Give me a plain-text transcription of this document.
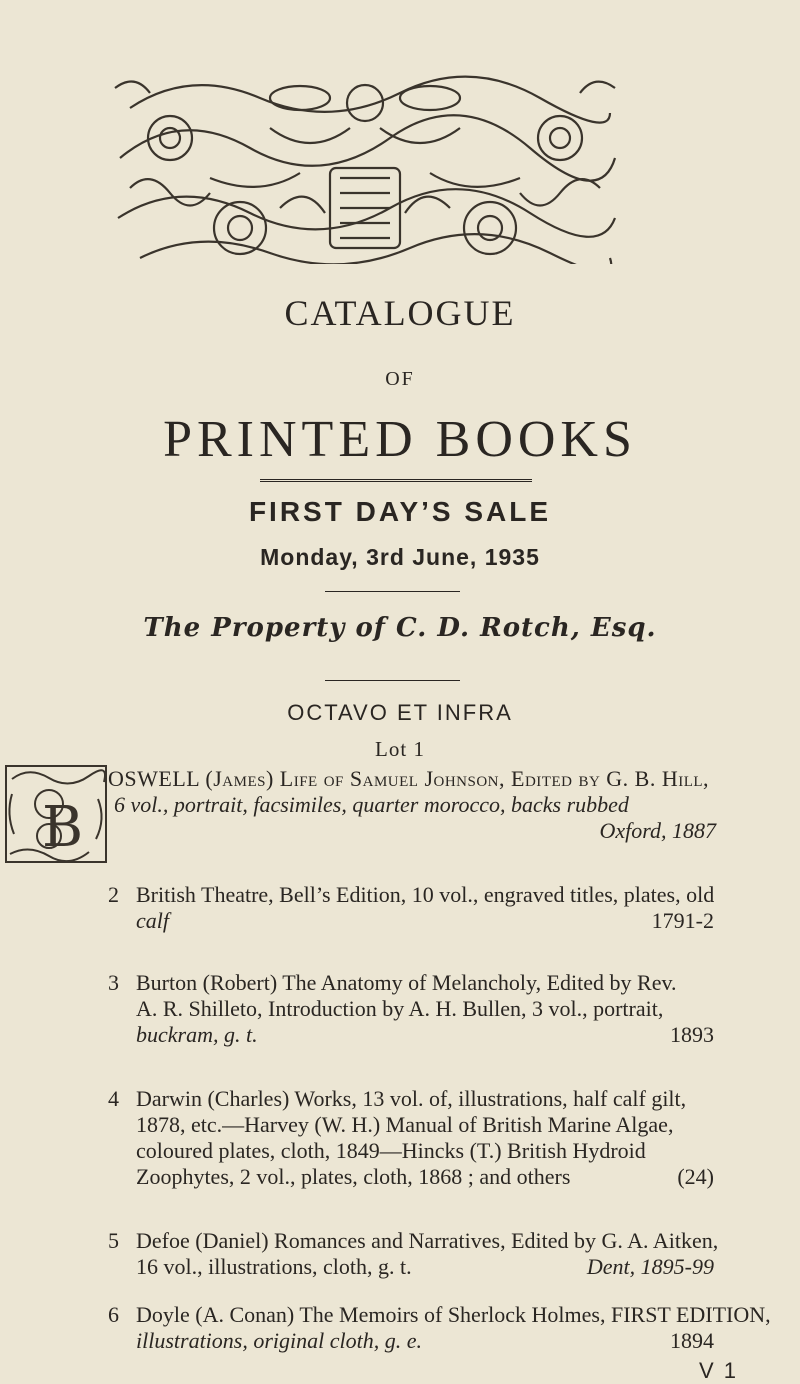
CATALOGUE
OF
PRINTED BOOKS
FIRST DAY’S SALE
Monday, 3rd June, 1935
The Property of C. D. Rotch, Esq.
OCTAVO ET INFRA
Lot 1
B
OSWELL (James) Life of Samuel Johnson, Edited by G. B. Hill,
6 vol., portrait, facsimiles, quarter morocco, backs rubbed
Oxford, 1887
2 British Theatre, Bell’s Edition, 10 vol., engraved titles, plates, old
calf	1791-2
3 Burton (Robert) The Anatomy of Melancholy, Edited by Rev.
A. R. Shilleto, Introduction by A. H. Bullen, 3 vol., portrait,
buckram, g. t.	1893
4 Darwin (Charles) Works, 13 vol. of, illustrations, half calf gilt,
1878, etc.—Harvey (W. H.) Manual of British Marine Algae,
coloured plates, cloth, 1849—Hincks (T.) British Hydroid
Zoophytes, 2 vol., plates, cloth, 1868 ; and others	(24)
5 Defoe (Daniel) Romances and Narratives, Edited by G. A. Aitken,
16 vol., illustrations, cloth, g. t.	Dent, 1895-99
6 Doyle (A. Conan) The Memoirs of Sherlock Holmes, FIRST EDITION,
illustrations, original cloth, g. e.	1894
V 1
